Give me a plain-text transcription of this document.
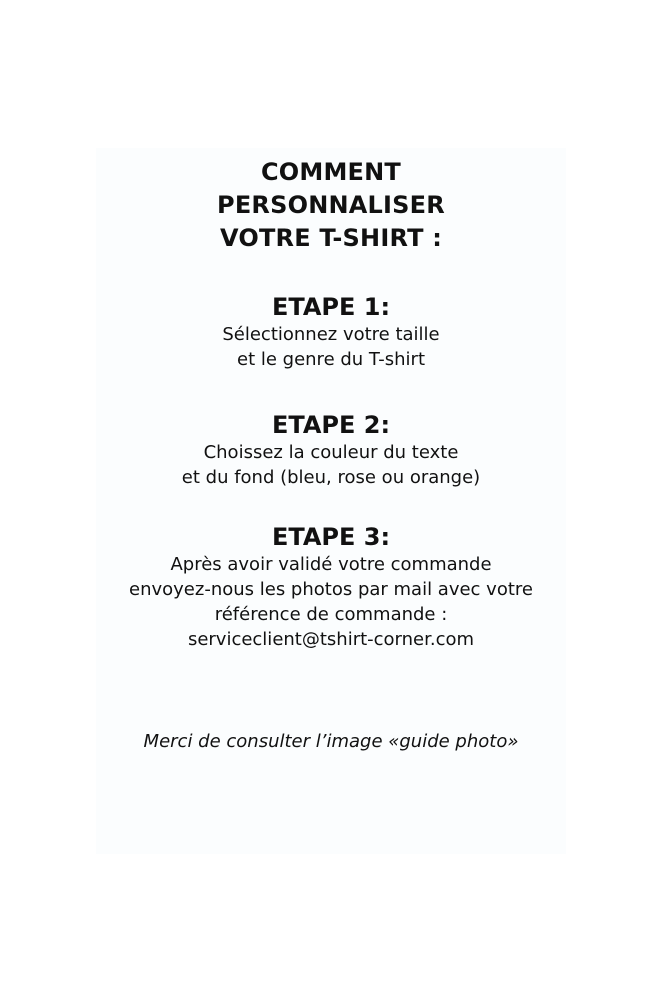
COMMENT
PERSONNALISER
VOTRE T-SHIRT :
ETAPE 1:

Sélectionnez votre taille
et le genre du T-shirt

ETAPE 2:

Choissez la couleur du texte
et du fond (bleu, rose ou orange)

ETAPE 3:

Après avoir validé votre commande
envoyez-nous les photos par mail avec votre
référence de commande :
serviceclient@tshirt-corner.com

Merci de consulter l’image «guide photo»
